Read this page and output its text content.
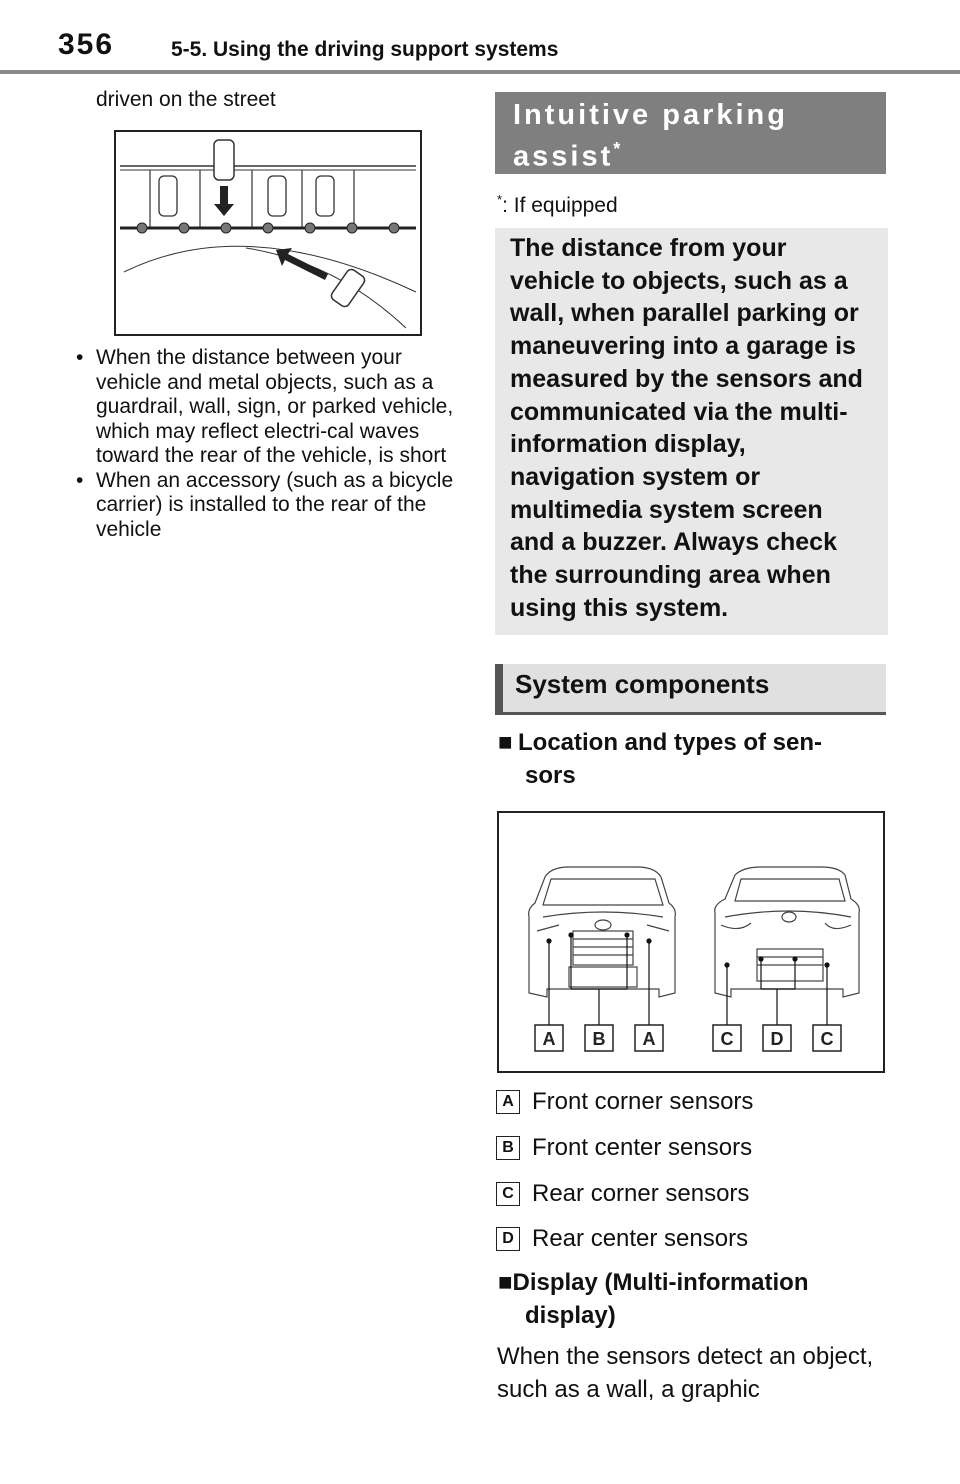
356	5-5. Using the driving support systems
driven on the street
• When the distance between your vehicle and metal objects, such as a guardrail, wall, sign, or parked vehicle, which may reflect electri-cal waves toward the rear of the vehicle, is short
• When an accessory (such as a bicycle carrier) is installed to the rear of the vehicle
Intuitive parking
assist*
*: If equipped
The distance from your vehicle to objects, such as a wall, when parallel parking or maneuvering into a garage is measured by the sensors and communicated via the multi-information display, navigation system or multimedia system screen and a buzzer. Always check the surrounding area when using this system.
System components
■ Location and types of sen-
sors
A B A	C D C
A Front corner sensors
B Front center sensors
C Rear corner sensors
D Rear center sensors
■Display (Multi-information
display)
When the sensors detect an object, such as a wall, a graphic
